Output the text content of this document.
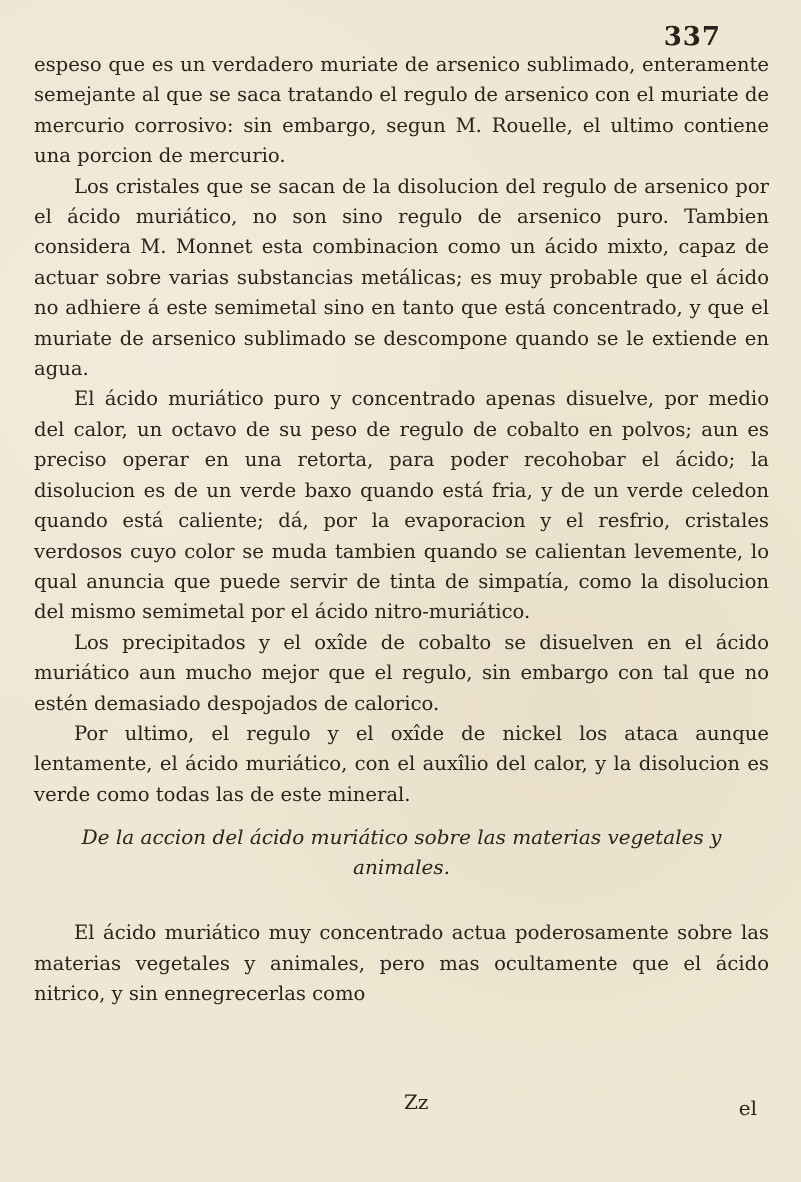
337

espeso que es un verdadero muriate de arsenico sublimado, enteramente semejante al que se saca tratando el regulo de arsenico con el muriate de mercurio corrosivo: sin embargo, segun M. Rouelle, el ultimo contiene una porcion de mercurio.

Los cristales que se sacan de la disolucion del regulo de arsenico por el ácido muriático, no son sino regulo de arsenico puro. Tambien considera M. Monnet esta combinacion como un ácido mixto, capaz de actuar sobre varias substancias metálicas; es muy probable que el ácido no adhiere á este semimetal sino en tanto que está concentrado, y que el muriate de arsenico sublimado se descompone quando se le extiende en agua.

El ácido muriático puro y concentrado apenas disuelve, por medio del calor, un octavo de su peso de regulo de cobalto en polvos; aun es preciso operar en una retorta, para poder recohobar el ácido; la disolucion es de un verde baxo quando está fria, y de un verde celedon quando está caliente; dá, por la evaporacion y el resfrio, cristales verdosos cuyo color se muda tambien quando se calientan levemente, lo qual anuncia que puede servir de tinta de simpatía, como la disolucion del mismo semimetal por el ácido nitro-muriático.

Los precipitados y el oxîde de cobalto se disuelven en el ácido muriático aun mucho mejor que el regulo, sin embargo con tal que no estén demasiado despojados de calorico.

Por ultimo, el regulo y el oxîde de nickel los ataca aunque lentamente, el ácido muriático, con el auxîlio del calor, y la disolucion es verde como todas las de este mineral.

De la accion del ácido muriático sobre las materias vegetales y
animales.

El ácido muriático muy concentrado actua poderosamente sobre las materias vegetales y animales, pero mas ocultamente que el ácido nitrico, y sin ennegrecerlas como

Zz	el
